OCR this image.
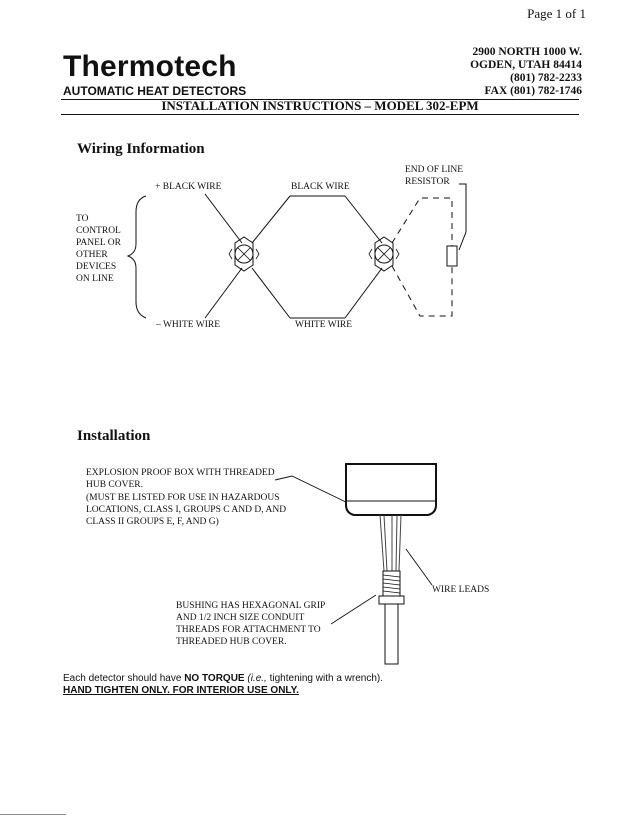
Page 1 of 1
Thermotech
AUTOMATIC HEAT DETECTORS
2900 NORTH 1000 W.
OGDEN, UTAH 84414
(801) 782-2233
FAX (801) 782-1746
INSTALLATION INSTRUCTIONS – MODEL 302-EPM
Wiring Information
+ BLACK WIRE	BLACK WIRE
END OF LINE
RESISTOR
– WHITE WIRE	WHITE WIRE
TO
CONTROL
PANEL OR
OTHER
DEVICES
ON LINE
Installation
EXPLOSION PROOF BOX WITH THREADED
HUB COVER.
(MUST BE LISTED FOR USE IN HAZARDOUS
LOCATIONS, CLASS I, GROUPS C AND D, AND
CLASS II GROUPS E, F, AND G)
WIRE LEADS
BUSHING HAS HEXAGONAL GRIP
AND 1/2 INCH SIZE CONDUIT
THREADS FOR ATTACHMENT TO
THREADED HUB COVER.
Each detector should have NO TORQUE (i.e., tightening with a wrench).
HAND TIGHTEN ONLY. FOR INTERIOR USE ONLY.
